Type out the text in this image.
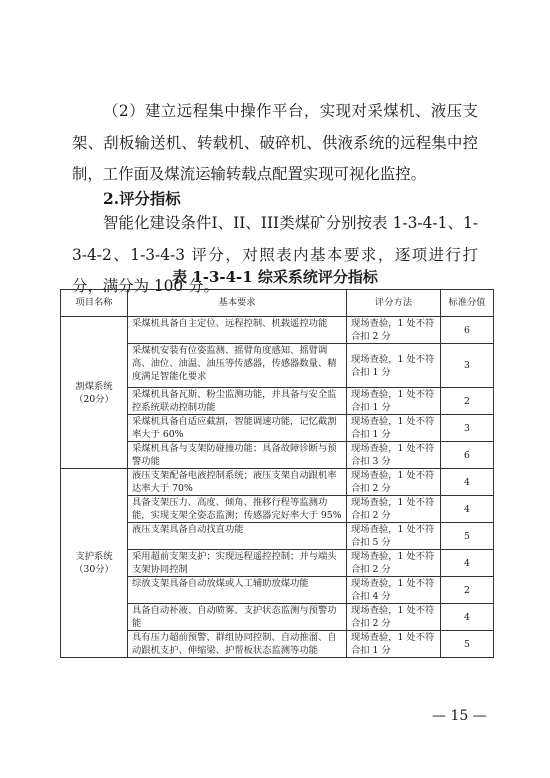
（2）建立远程集中操作平台，实现对采煤机、液压支架、刮板输送机、转载机、破碎机、供液系统的远程集中控制，工作面及煤流运输转载点配置实现可视化监控。

2.评分指标

智能化建设条件I、II、III类煤矿分别按表 1-3-4-1、1-3-4-2、1-3-4-3 评分，对照表内基本要求，逐项进行打分，满分为 100 分。

表 1-3-4-1 综采系统评分指标

项目名称	基本要求	评分方法	标准分值
割煤系统（20分）	采煤机具备自主定位、远程控制、机载遥控功能	现场查验，1 处不符合扣 2 分	6
	采煤机安装有位姿监测、摇臂角度感知、摇臂调高、油位、油温、油压等传感器，传感器数量、精度满足智能化要求	现场查验，1 处不符合扣 1 分	3
	采煤机具备瓦斯、粉尘监测功能，并具备与安全监控系统联动控制功能	现场查验，1 处不符合扣 1 分	2
	采煤机具备自适应截割，智能调速功能，记忆截割率大于 60%	现场查验，1 处不符合扣 1 分	3
	采煤机具备与支架防碰撞功能；具备故障诊断与预警功能	现场查验，1 处不符合扣 3 分	6
支护系统（30分）	液压支架配备电液控制系统；液压支架自动跟机率达率大于 70%	现场查验，1 处不符合扣 2 分	4
	具备支架压力、高度、倾角、推移行程等监测功能，实现支架全姿态监测；传感器完好率大于 95%	现场查验，1 处不符合扣 2 分	4
	液压支架具备自动找直功能	现场查验，1 处不符合扣 5 分	5
	采用超前支架支护；实现远程遥控控制；并与端头支架协同控制	现场查验，1 处不符合扣 2 分	4
	综放支架具备自动放煤或人工辅助放煤功能	现场查验，1 处不符合扣 4 分	2
	具备自动补液、自动喷雾、支护状态监测与预警功能	现场查验，1 处不符合扣 2 分	4
	具有压力超前预警、群组协同控制、自动推溜、自动跟机支护、伸缩梁、护帮板状态监测等功能	现场查验，1 处不符合扣 1 分	5
— 15 —
